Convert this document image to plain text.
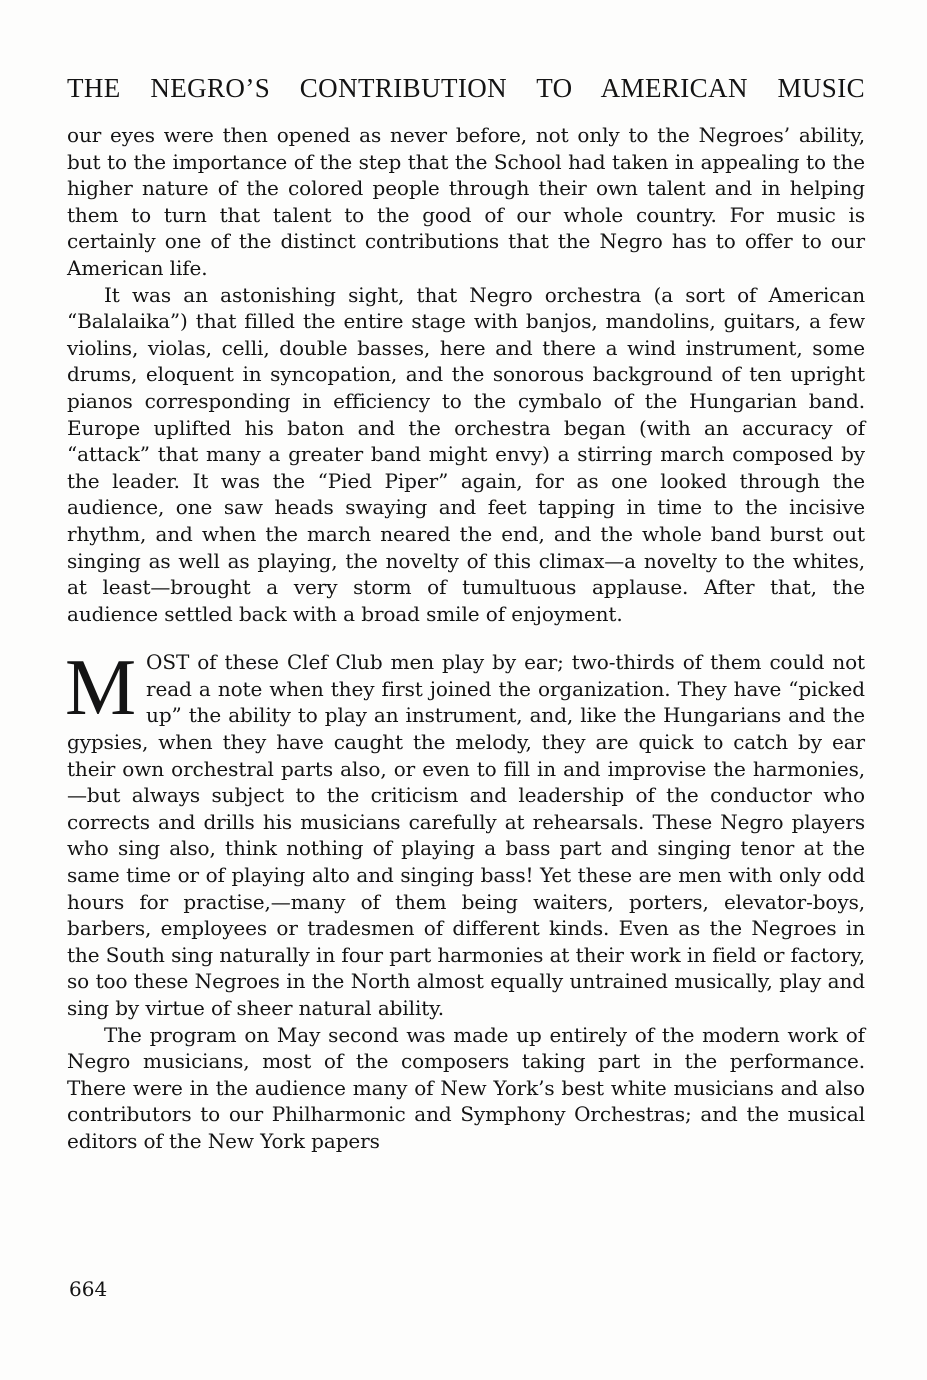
THE NEGRO’S CONTRIBUTION TO AMERICAN MUSIC

our eyes were then opened as never before, not only to the Negroes’ ability, but to the importance of the step that the School had taken in appealing to the higher nature of the colored people through their own talent and in helping them to turn that talent to the good of our whole country. For music is certainly one of the distinct contributions that the Negro has to offer to our American life.

It was an astonishing sight, that Negro orchestra (a sort of American “Balalaika”) that filled the entire stage with banjos, mandolins, guitars, a few violins, violas, celli, double basses, here and there a wind instrument, some drums, eloquent in syncopation, and the sonorous background of ten upright pianos corresponding in efficiency to the cymbalo of the Hungarian band. Europe uplifted his baton and the orchestra began (with an accuracy of “attack” that many a greater band might envy) a stirring march composed by the leader. It was the “Pied Piper” again, for as one looked through the audience, one saw heads swaying and feet tapping in time to the incisive rhythm, and when the march neared the end, and the whole band burst out singing as well as playing, the novelty of this climax—a novelty to the whites, at least—brought a very storm of tumultuous applause. After that, the audience settled back with a broad smile of enjoyment.

MOST of these Clef Club men play by ear; two-thirds of them could not read a note when they first joined the organization. They have “picked up” the ability to play an instrument, and, like the Hungarians and the gypsies, when they have caught the melody, they are quick to catch by ear their own orchestral parts also, or even to fill in and improvise the harmonies,—but always subject to the criticism and leadership of the conductor who corrects and drills his musicians carefully at rehearsals. These Negro players who sing also, think nothing of playing a bass part and singing tenor at the same time or of playing alto and singing bass! Yet these are men with only odd hours for practise,—many of them being waiters, porters, elevator-boys, barbers, employees or tradesmen of different kinds. Even as the Negroes in the South sing naturally in four part harmonies at their work in field or factory, so too these Negroes in the North almost equally untrained musically, play and sing by virtue of sheer natural ability.

The program on May second was made up entirely of the modern work of Negro musicians, most of the composers taking part in the performance. There were in the audience many of New York’s best white musicians and also contributors to our Philharmonic and Symphony Orchestras; and the musical editors of the New York papers

664
